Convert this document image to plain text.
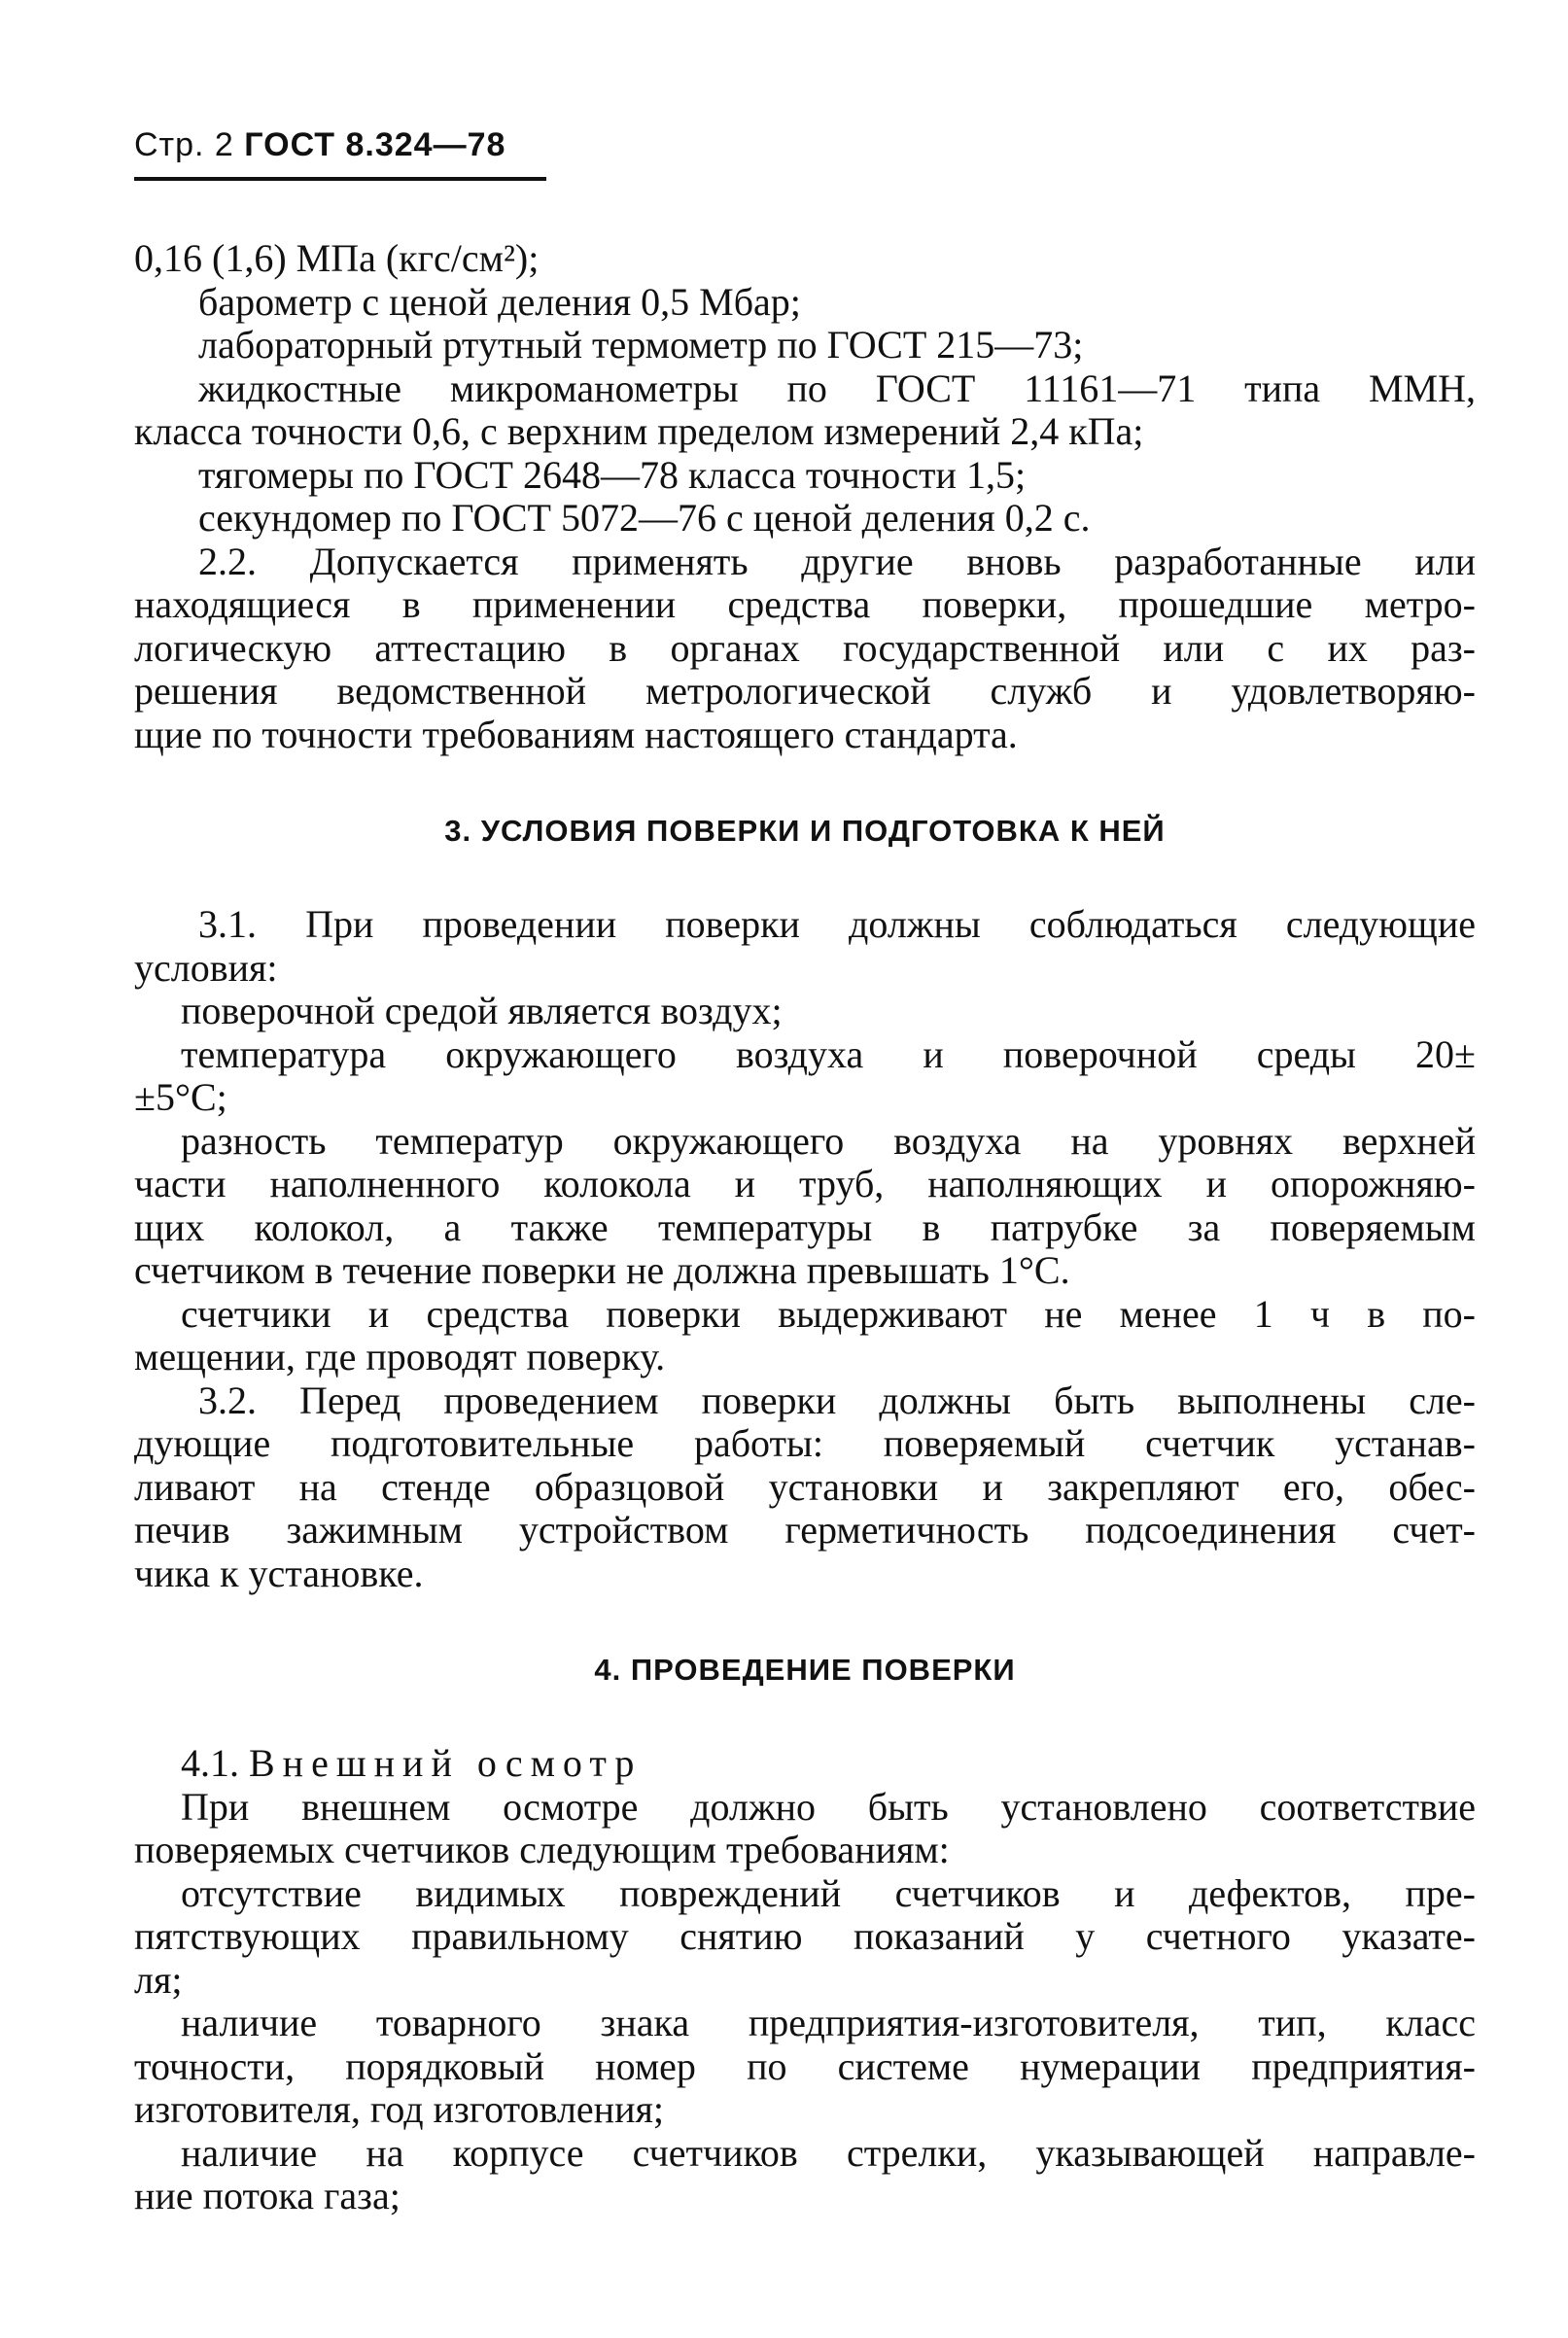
Стр. 2 ГОСТ 8.324—78
0,16 (1,6) МПа (кгс/см²);
барометр с ценой деления 0,5 Мбар;
лабораторный ртутный термометр по ГОСТ 215—73;
жидкостные микроманометры по ГОСТ 11161—71 типа ММН,
класса точности 0,6, с верхним пределом измерений 2,4 кПа;
тягомеры по ГОСТ 2648—78 класса точности 1,5;
секундомер по ГОСТ 5072—76 с ценой деления 0,2 с.
2.2. Допускается применять другие вновь разработанные или
находящиеся в применении средства поверки, прошедшие метро-
логическую аттестацию в органах государственной или с их раз-
решения ведомственной метрологической служб и удовлетворяю-
щие по точности требованиям настоящего стандарта.
3. УСЛОВИЯ ПОВЕРКИ И ПОДГОТОВКА К НЕЙ
3.1. При проведении поверки должны соблюдаться следующие
условия:
поверочной средой является воздух;
температура окружающего воздуха и поверочной среды 20±
±5°С;
разность температур окружающего воздуха на уровнях верхней
части наполненного колокола и труб, наполняющих и опорожняю-
щих колокол, а также температуры в патрубке за поверяемым
счетчиком в течение поверки не должна превышать 1°С.
счетчики и средства поверки выдерживают не менее 1 ч в по-
мещении, где проводят поверку.
3.2. Перед проведением поверки должны быть выполнены сле-
дующие подготовительные работы: поверяемый счетчик устанав-
ливают на стенде образцовой установки и закрепляют его, обес-
печив зажимным устройством герметичность подсоединения счет-
чика к установке.
4. ПРОВЕДЕНИЕ ПОВЕРКИ
4.1. Внешний осмотр
При внешнем осмотре должно быть установлено соответствие
поверяемых счетчиков следующим требованиям:
отсутствие видимых повреждений счетчиков и дефектов, пре-
пятствующих правильному снятию показаний у счетного указате-
ля;
наличие товарного знака предприятия-изготовителя, тип, класс
точности, порядковый номер по системе нумерации предприятия-
изготовителя, год изготовления;
наличие на корпусе счетчиков стрелки, указывающей направле-
ние потока газа;
